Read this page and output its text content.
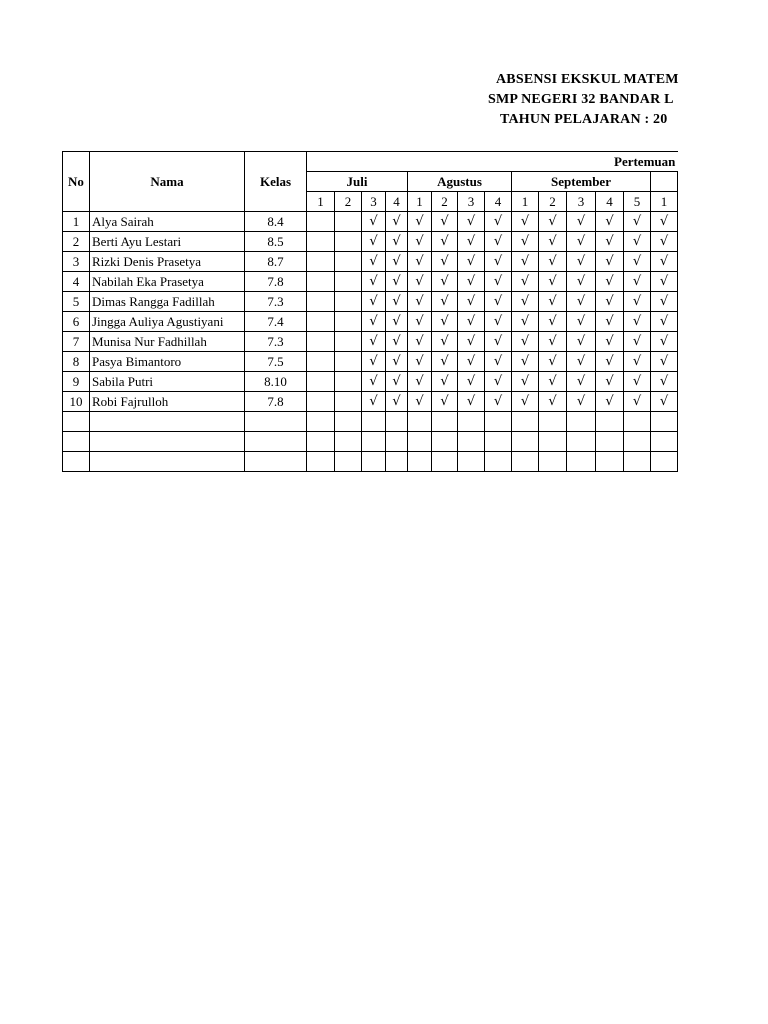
ABSENSI EKSKUL MATEM
SMP NEGERI 32 BANDAR L
TAHUN PELAJARAN : 20
No	Nama	Kelas	Pertemuan													
			Juli				Agustus				September					
			1	2	3	4	1	2	3	4	1	2	3	4	5	1
1	Alya Sairah	8.4			√	√	√	√	√	√	√	√	√	√	√	√
2	Berti Ayu Lestari	8.5			√	√	√	√	√	√	√	√	√	√	√	√
3	Rizki Denis Prasetya	8.7			√	√	√	√	√	√	√	√	√	√	√	√
4	Nabilah Eka Prasetya	7.8			√	√	√	√	√	√	√	√	√	√	√	√
5	Dimas Rangga Fadillah	7.3			√	√	√	√	√	√	√	√	√	√	√	√
6	Jingga Auliya Agustiyani	7.4			√	√	√	√	√	√	√	√	√	√	√	√
7	Munisa Nur Fadhillah	7.3			√	√	√	√	√	√	√	√	√	√	√	√
8	Pasya Bimantoro	7.5			√	√	√	√	√	√	√	√	√	√	√	√
9	Sabila Putri	8.10			√	√	√	√	√	√	√	√	√	√	√	√
10	Robi Fajrulloh	7.8			√	√	√	√	√	√	√	√	√	√	√	√
